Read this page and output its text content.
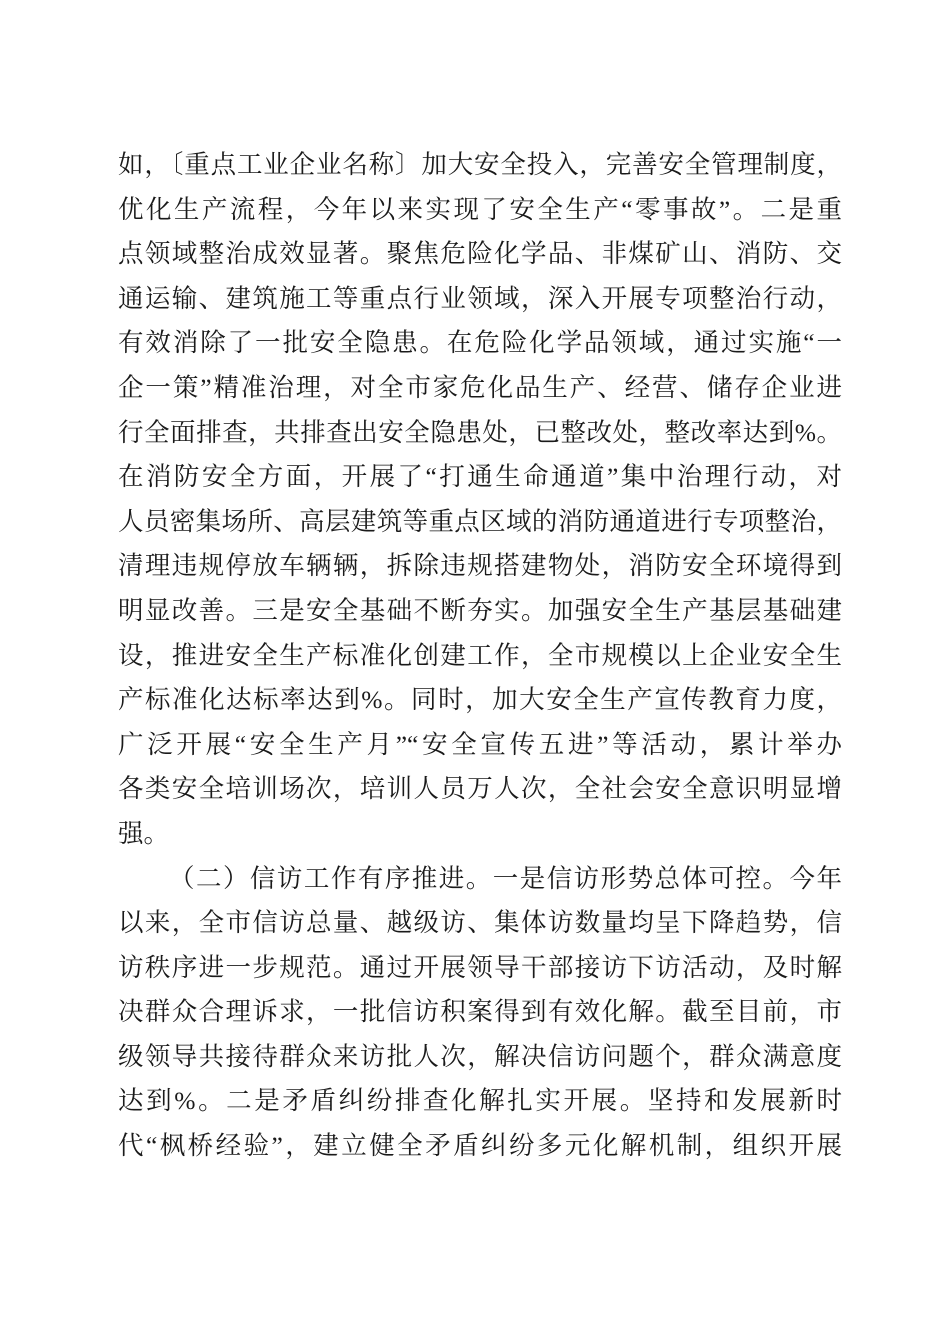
如，〔重点工业企业名称〕加大安全投入，完善安全管理制度，
优化生产流程，今年以来实现了安全生产“零事故”。二是重
点领域整治成效显著。聚焦危险化学品、非煤矿山、消防、交
通运输、建筑施工等重点行业领域，深入开展专项整治行动，
有效消除了一批安全隐患。在危险化学品领域，通过实施“一
企一策”精准治理，对全市家危化品生产、经营、储存企业进
行全面排查，共排查出安全隐患处，已整改处，整改率达到%。
在消防安全方面，开展了“打通生命通道”集中治理行动，对
人员密集场所、高层建筑等重点区域的消防通道进行专项整治，
清理违规停放车辆辆，拆除违规搭建物处，消防安全环境得到
明显改善。三是安全基础不断夯实。加强安全生产基层基础建
设，推进安全生产标准化创建工作，全市规模以上企业安全生
产标准化达标率达到%。同时，加大安全生产宣传教育力度，
广泛开展“安全生产月”“安全宣传五进”等活动，累计举办
各类安全培训场次，培训人员万人次，全社会安全意识明显增
强。
（二）信访工作有序推进。一是信访形势总体可控。今年
以来，全市信访总量、越级访、集体访数量均呈下降趋势，信
访秩序进一步规范。通过开展领导干部接访下访活动，及时解
决群众合理诉求，一批信访积案得到有效化解。截至目前，市
级领导共接待群众来访批人次，解决信访问题个，群众满意度
达到%。二是矛盾纠纷排查化解扎实开展。坚持和发展新时
代“枫桥经验”，建立健全矛盾纠纷多元化解机制，组织开展
